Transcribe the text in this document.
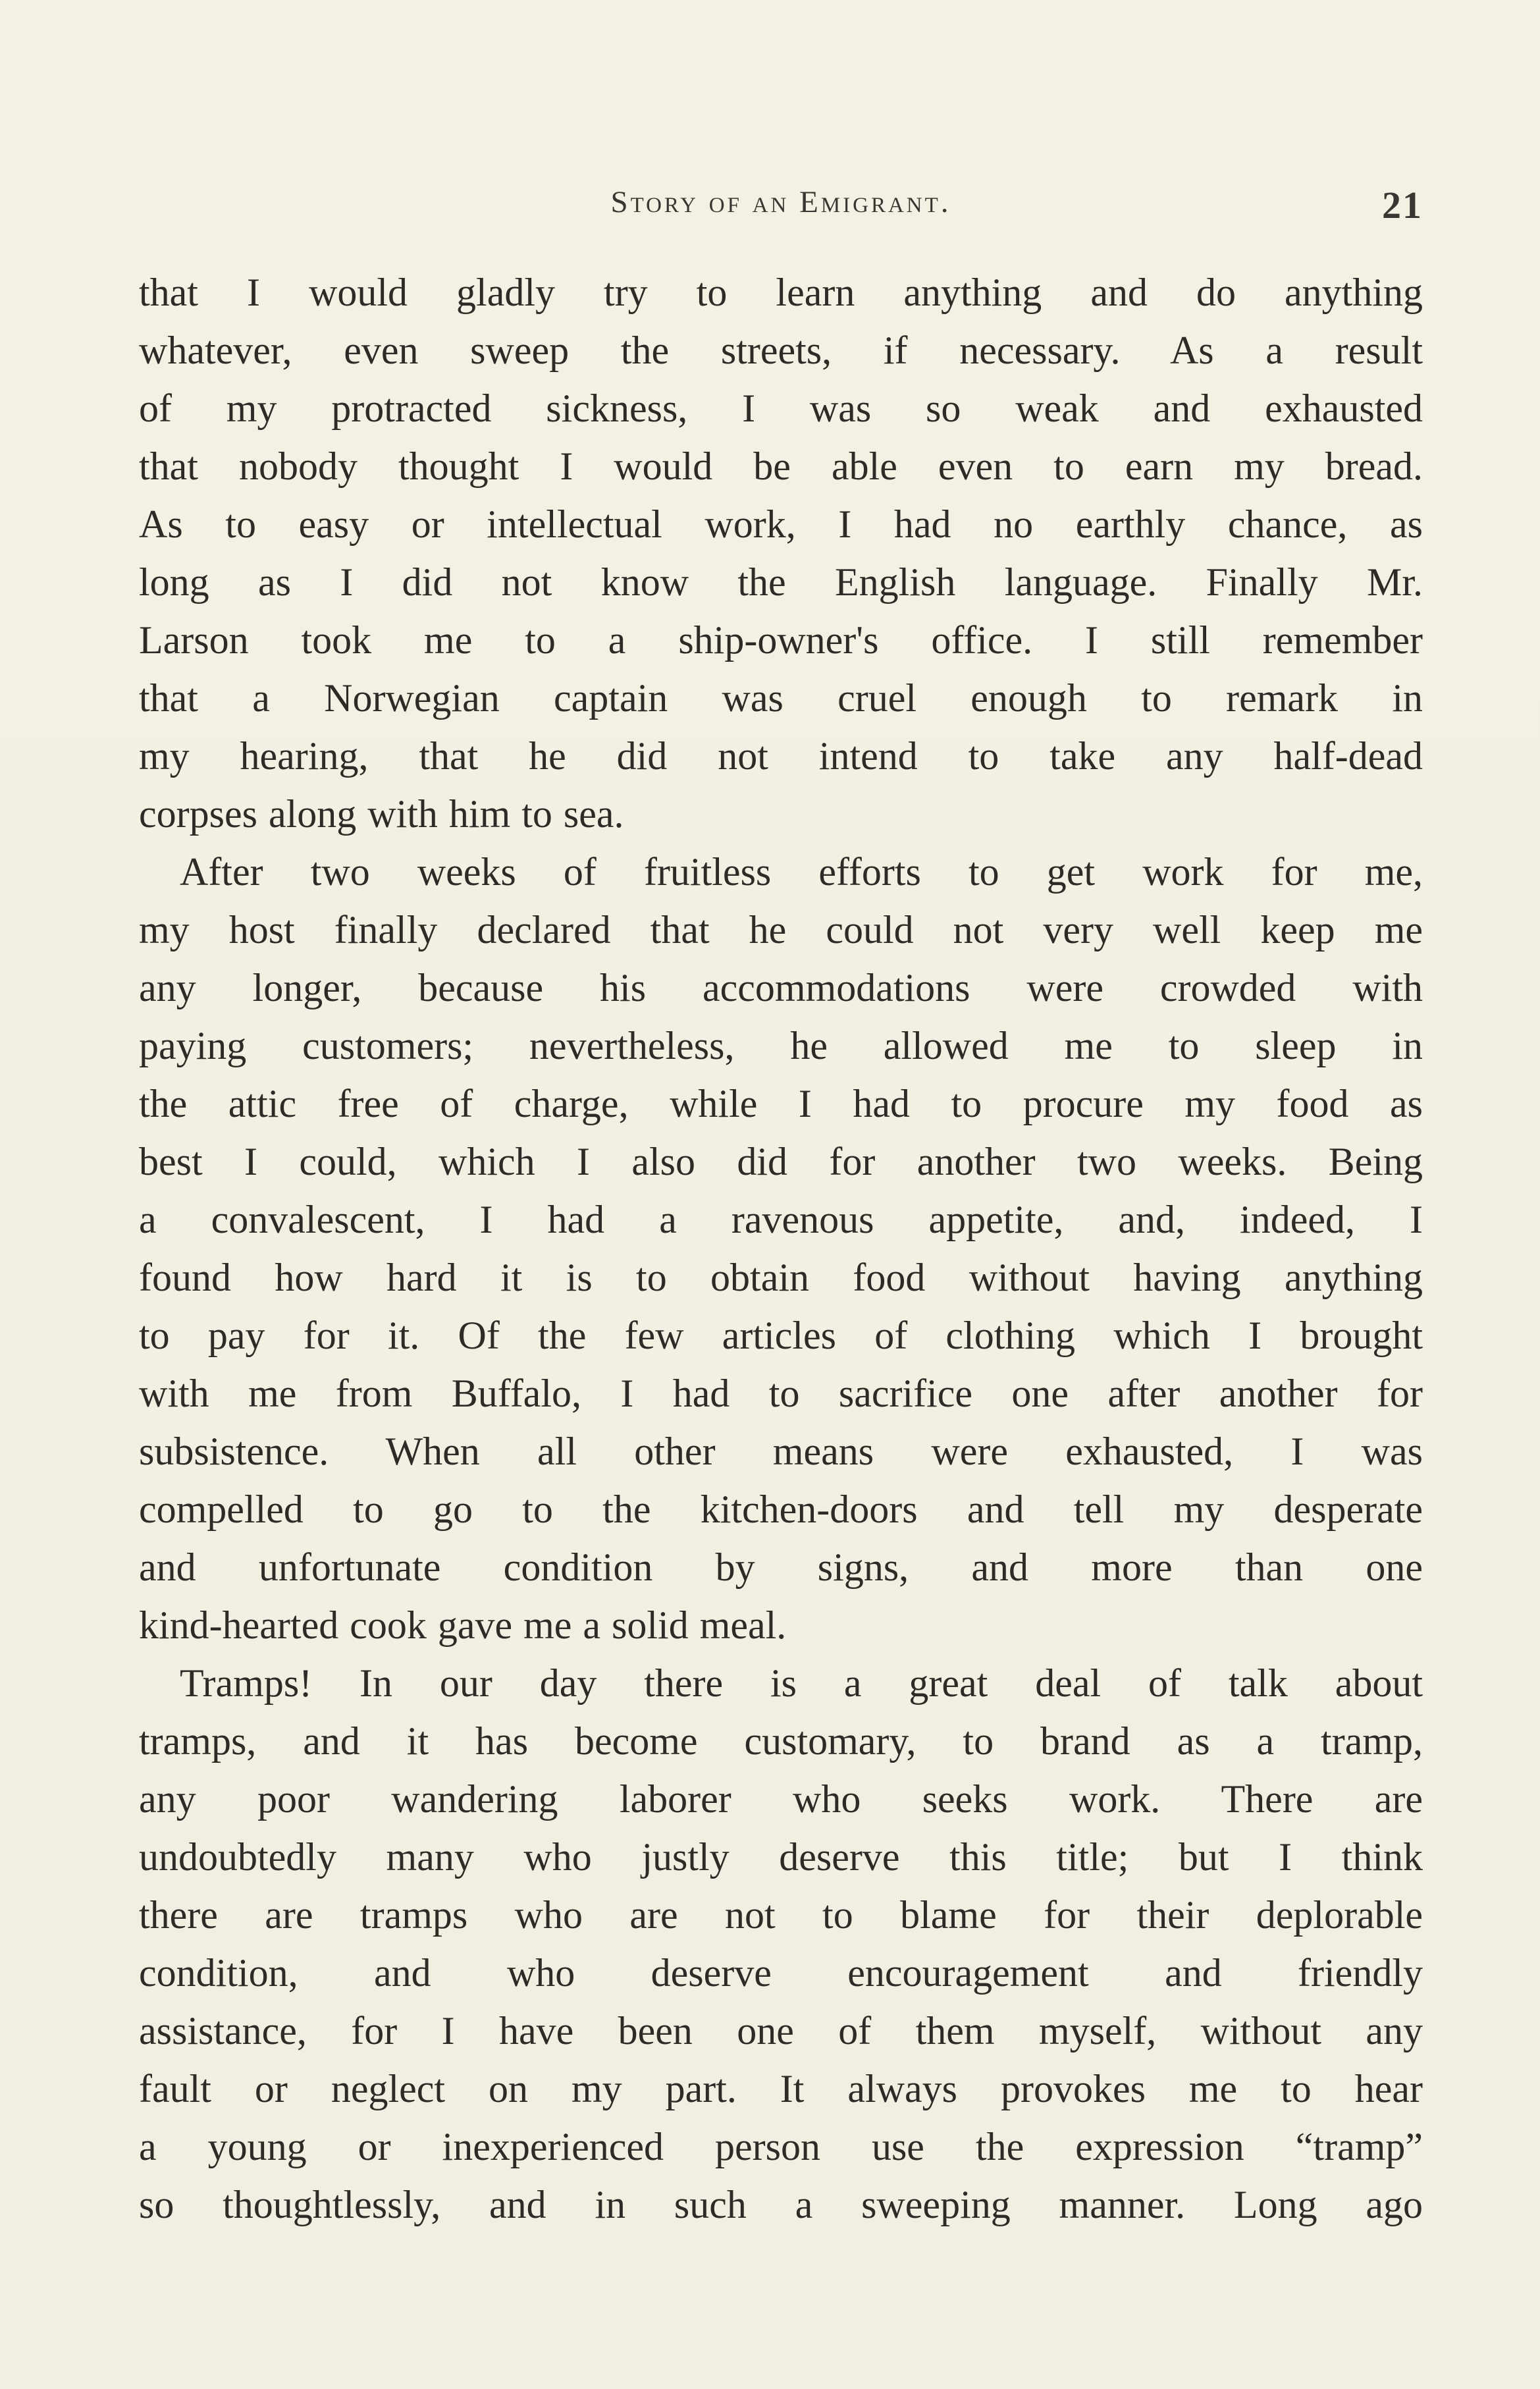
Story of an Emigrant.	21
that I would gladly try to learn anything and do anything
whatever, even sweep the streets, if necessary. As a result
of my protracted sickness, I was so weak and exhausted
that nobody thought I would be able even to earn my bread.
As to easy or intellectual work, I had no earthly chance, as
long as I did not know the English language. Finally Mr.
Larson took me to a ship-owner's office. I still remember
that a Norwegian captain was cruel enough to remark in
my hearing, that he did not intend to take any half-dead
corpses along with him to sea.
After two weeks of fruitless efforts to get work for me,
my host finally declared that he could not very well keep me
any longer, because his accommodations were crowded with
paying customers; nevertheless, he allowed me to sleep in
the attic free of charge, while I had to procure my food as
best I could, which I also did for another two weeks. Being
a convalescent, I had a ravenous appetite, and, indeed, I
found how hard it is to obtain food without having anything
to pay for it. Of the few articles of clothing which I brought
with me from Buffalo, I had to sacrifice one after another for
subsistence. When all other means were exhausted, I was
compelled to go to the kitchen-doors and tell my desperate
and unfortunate condition by signs, and more than one
kind-hearted cook gave me a solid meal.
Tramps! In our day there is a great deal of talk about
tramps, and it has become customary, to brand as a tramp,
any poor wandering laborer who seeks work. There are
undoubtedly many who justly deserve this title; but I think
there are tramps who are not to blame for their deplorable
condition, and who deserve encouragement and friendly
assistance, for I have been one of them myself, without any
fault or neglect on my part. It always provokes me to hear
a young or inexperienced person use the expression “tramp”
so thoughtlessly, and in such a sweeping manner. Long ago
